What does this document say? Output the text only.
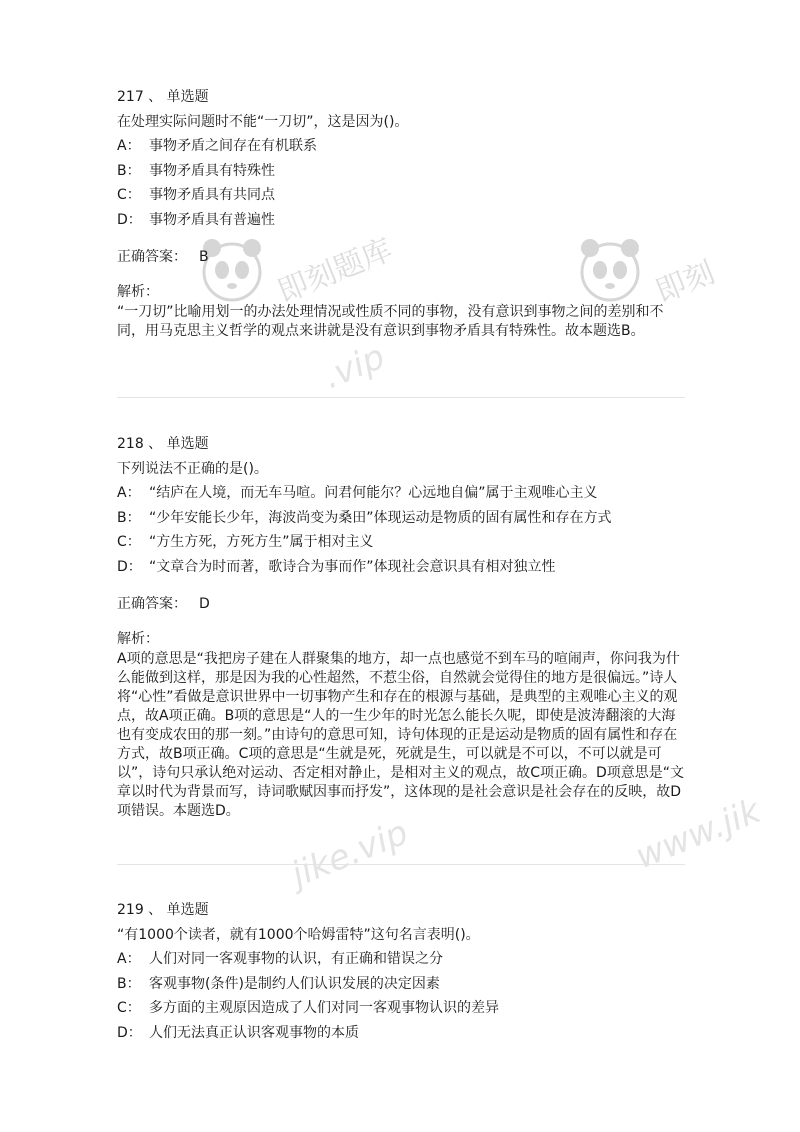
即刻题库	即刻
.vip
jike.vip	www.jik
217 、 单选题
在处理实际问题时不能“一刀切”，这是因为()。
A： 事物矛盾之间存在有机联系
B： 事物矛盾具有特殊性
C： 事物矛盾具有共同点
D： 事物矛盾具有普遍性
正确答案： B
解析：
“一刀切”比喻用划一的办法处理情况或性质不同的事物，没有意识到事物之间的差别和不同，用马克思主义哲学的观点来讲就是没有意识到事物矛盾具有特殊性。故本题选B。
218 、 单选题
下列说法不正确的是()。
A： “结庐在人境，而无车马喧。问君何能尔？心远地自偏”属于主观唯心主义
B： “少年安能长少年，海波尚变为桑田”体现运动是物质的固有属性和存在方式
C： “方生方死，方死方生”属于相对主义
D： “文章合为时而著，歌诗合为事而作”体现社会意识具有相对独立性
正确答案： D
解析：
A项的意思是“我把房子建在人群聚集的地方，却一点也感觉不到车马的喧闹声，你问我为什么能做到这样，那是因为我的心性超然，不惹尘俗，自然就会觉得住的地方是很偏远。”诗人将“心性”看做是意识世界中一切事物产生和存在的根源与基础，是典型的主观唯心主义的观点，故A项正确。B项的意思是“人的一生少年的时光怎么能长久呢，即使是波涛翻滚的大海也有变成农田的那一刻。”由诗句的意思可知，诗句体现的正是运动是物质的固有属性和存在方式，故B项正确。C项的意思是“生就是死，死就是生，可以就是不可以，不可以就是可以”，诗句只承认绝对运动、否定相对静止，是相对主义的观点，故C项正确。D项意思是“文章以时代为背景而写，诗词歌赋因事而抒发”，这体现的是社会意识是社会存在的反映，故D项错误。本题选D。
219 、 单选题
“有1000个读者，就有1000个哈姆雷特”这句名言表明()。
A： 人们对同一客观事物的认识，有正确和错误之分
B： 客观事物(条件)是制约人们认识发展的决定因素
C： 多方面的主观原因造成了人们对同一客观事物认识的差异
D： 人们无法真正认识客观事物的本质
